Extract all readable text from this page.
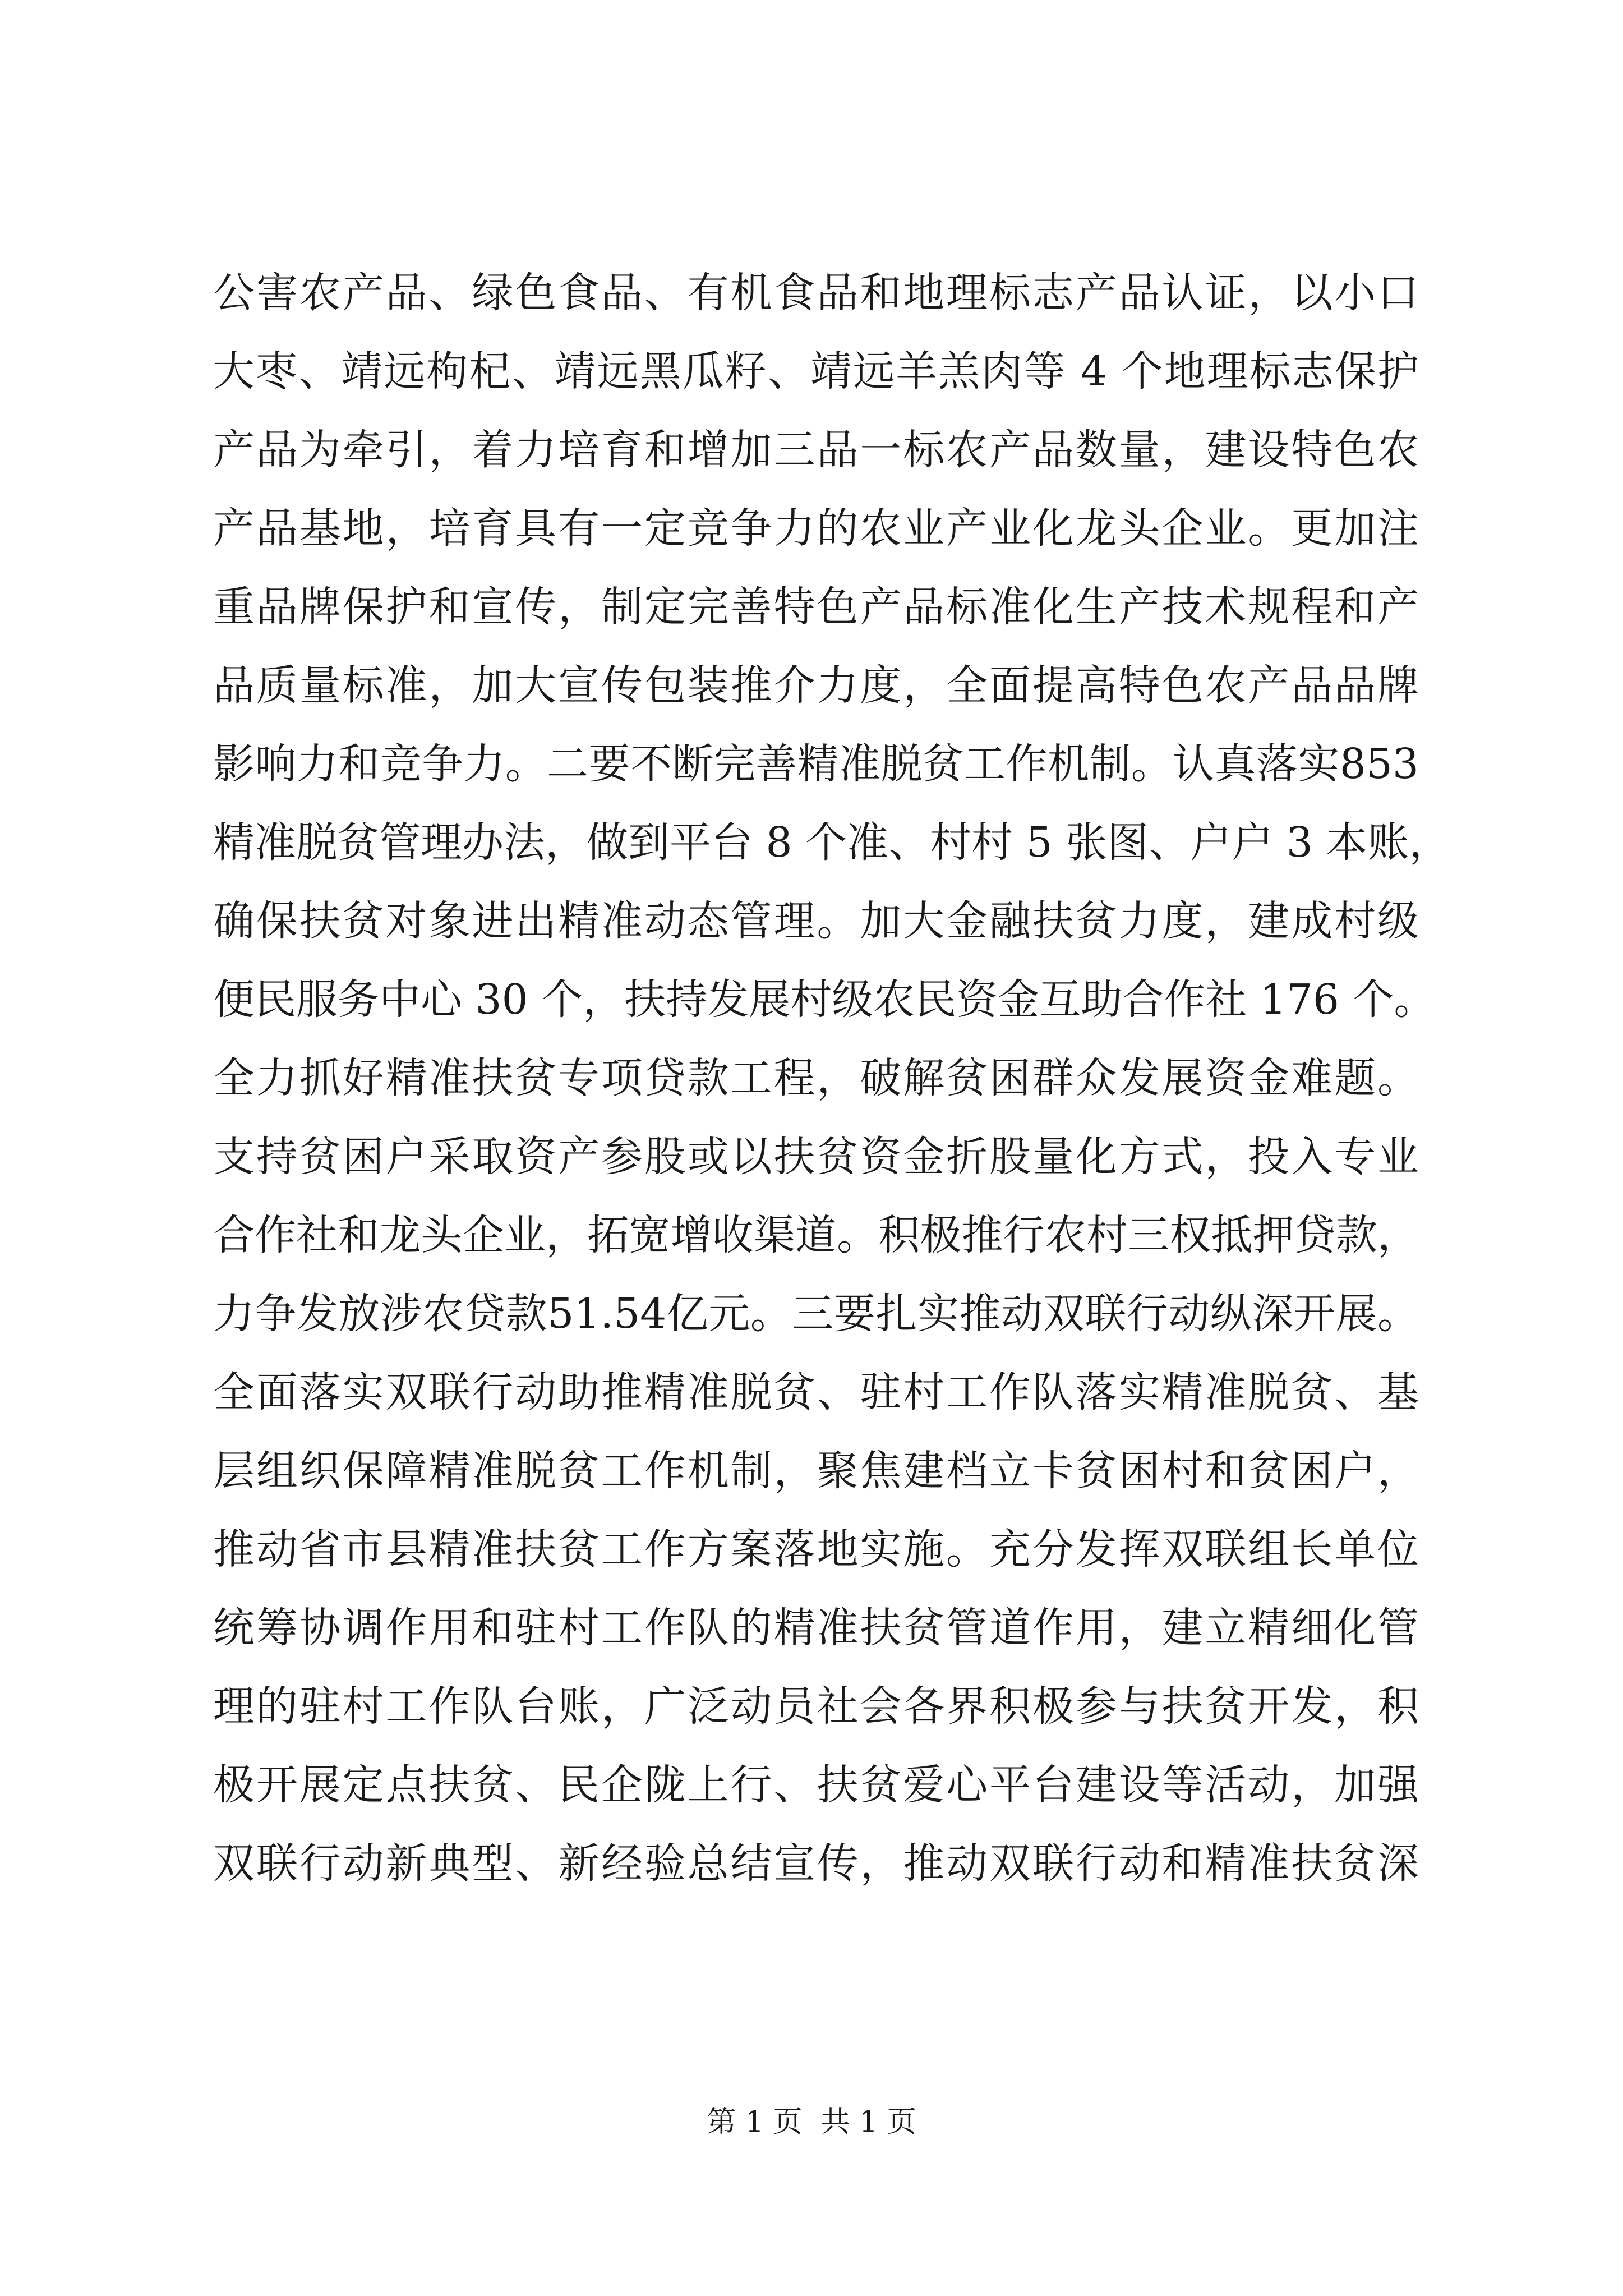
公害农产品、绿色食品、有机食品和地理标志产品认证，以小口
大枣、靖远枸杞、靖远黑瓜籽、靖远羊羔肉等 4 个地理标志保护
产品为牵引，着力培育和增加三品一标农产品数量，建设特色农
产品基地，培育具有一定竞争力的农业产业化龙头企业。更加注
重品牌保护和宣传，制定完善特色产品标准化生产技术规程和产
品质量标准，加大宣传包装推介力度，全面提高特色农产品品牌
影响力和竞争力。二要不断完善精准脱贫工作机制。认真落实853
精准脱贫管理办法，做到平台 8 个准、村村 5 张图、户户 3 本账，
确保扶贫对象进出精准动态管理。加大金融扶贫力度，建成村级
便民服务中心 30 个，扶持发展村级农民资金互助合作社 176 个。
全力抓好精准扶贫专项贷款工程，破解贫困群众发展资金难题。
支持贫困户采取资产参股或以扶贫资金折股量化方式，投入专业
合作社和龙头企业，拓宽增收渠道。积极推行农村三权抵押贷款，
力争发放涉农贷款51.54亿元。三要扎实推动双联行动纵深开展。
全面落实双联行动助推精准脱贫、驻村工作队落实精准脱贫、基
层组织保障精准脱贫工作机制，聚焦建档立卡贫困村和贫困户，
推动省市县精准扶贫工作方案落地实施。充分发挥双联组长单位
统筹协调作用和驻村工作队的精准扶贫管道作用，建立精细化管
理的驻村工作队台账，广泛动员社会各界积极参与扶贫开发，积
极开展定点扶贫、民企陇上行、扶贫爱心平台建设等活动，加强
双联行动新典型、新经验总结宣传，推动双联行动和精准扶贫深
第 1 页  共 1 页
